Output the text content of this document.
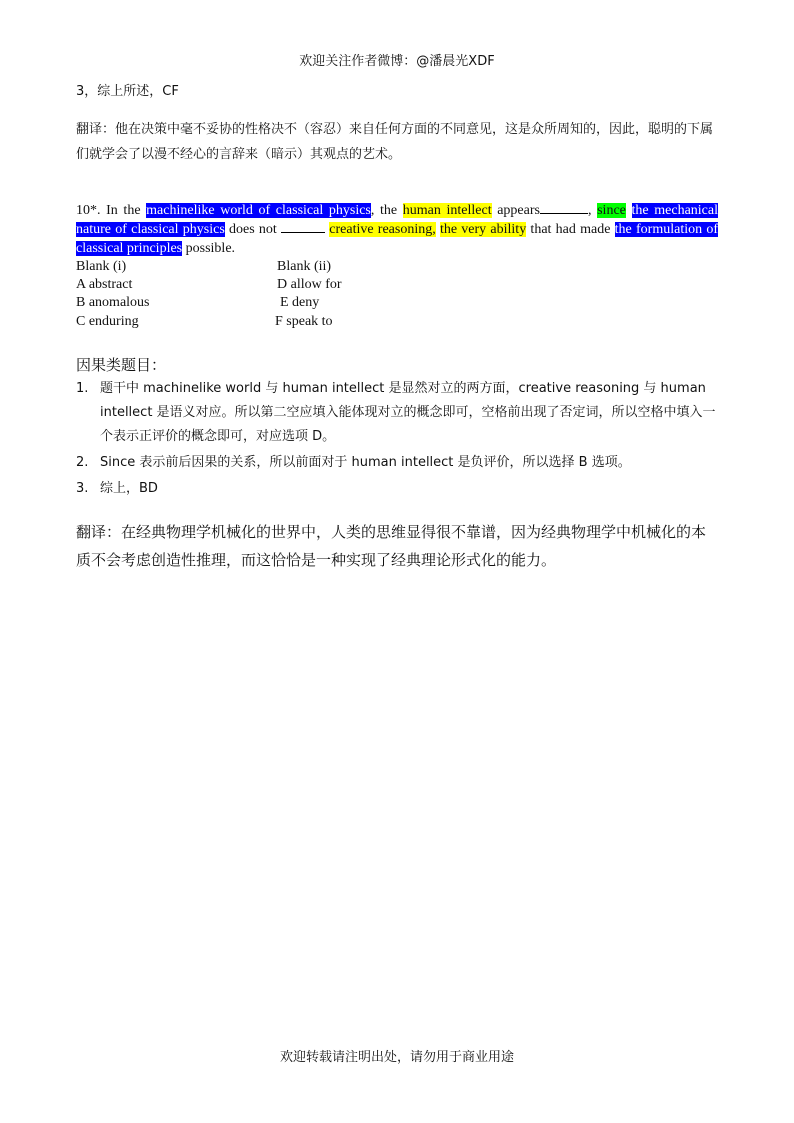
欢迎关注作者微博：@潘晨光XDF
3，综上所述，CF
翻译：他在决策中毫不妥协的性格决不（容忍）来自任何方面的不同意见，这是众所周知的，因此，聪明的下属们就学会了以漫不经心的言辞来（暗示）其观点的艺术。
10*. In the machinelike world of classical physics, the human intellect appears	, since the mechanical nature of classical physics does not	creative reasoning, the very ability that had made the formulation of classical principles possible.
Blank (i)	Blank (ii)
A abstract	D allow for
B anomalous	E deny
C enduring	F speak to
因果类题目：
1. 题干中 machinelike world 与 human intellect 是显然对立的两方面，creative reasoning 与 human intellect 是语义对应。所以第二空应填入能体现对立的概念即可，空格前出现了否定词，所以空格中填入一个表示正评价的概念即可，对应选项 D。
2. Since 表示前后因果的关系，所以前面对于 human intellect 是负评价，所以选择 B 选项。
3. 综上，BD
翻译：在经典物理学机械化的世界中，人类的思维显得很不靠谱，因为经典物理学中机械化的本质不会考虑创造性推理，而这恰恰是一种实现了经典理论形式化的能力。
欢迎转载请注明出处，请勿用于商业用途
